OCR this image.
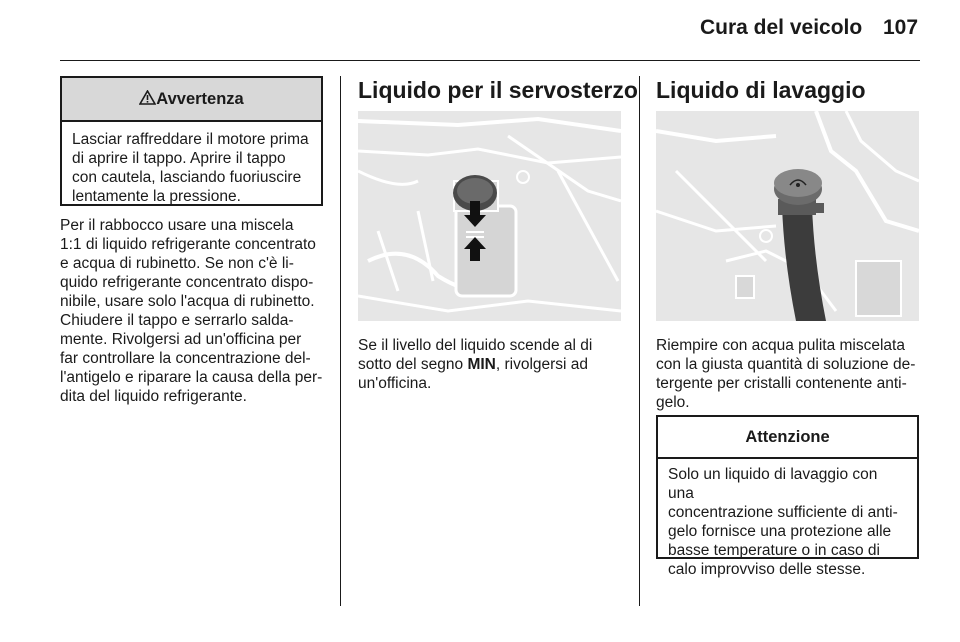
Cura del veicolo 107
Avvertenza
Lasciar raffreddare il motore prima
di aprire il tappo. Aprire il tappo
con cautela, lasciando fuoriuscire
lentamente la pressione.
Per il rabbocco usare una miscela
1:1 di liquido refrigerante concentrato
e acqua di rubinetto. Se non c'è li-
quido refrigerante concentrato dispo-
nibile, usare solo l'acqua di rubinetto.
Chiudere il tappo e serrarlo salda-
mente. Rivolgersi ad un'officina per
far controllare la concentrazione del-
l'antigelo e riparare la causa della per-
dita del liquido refrigerante.
Liquido per il servosterzo
Se il livello del liquido scende al di
sotto del segno MIN, rivolgersi ad
un'officina.
Liquido di lavaggio
Riempire con acqua pulita miscelata
con la giusta quantità di soluzione de-
tergente per cristalli contenente anti-
gelo.
Attenzione
Solo un liquido di lavaggio con una
concentrazione sufficiente di anti-
gelo fornisce una protezione alle
basse temperature o in caso di
calo improvviso delle stesse.
